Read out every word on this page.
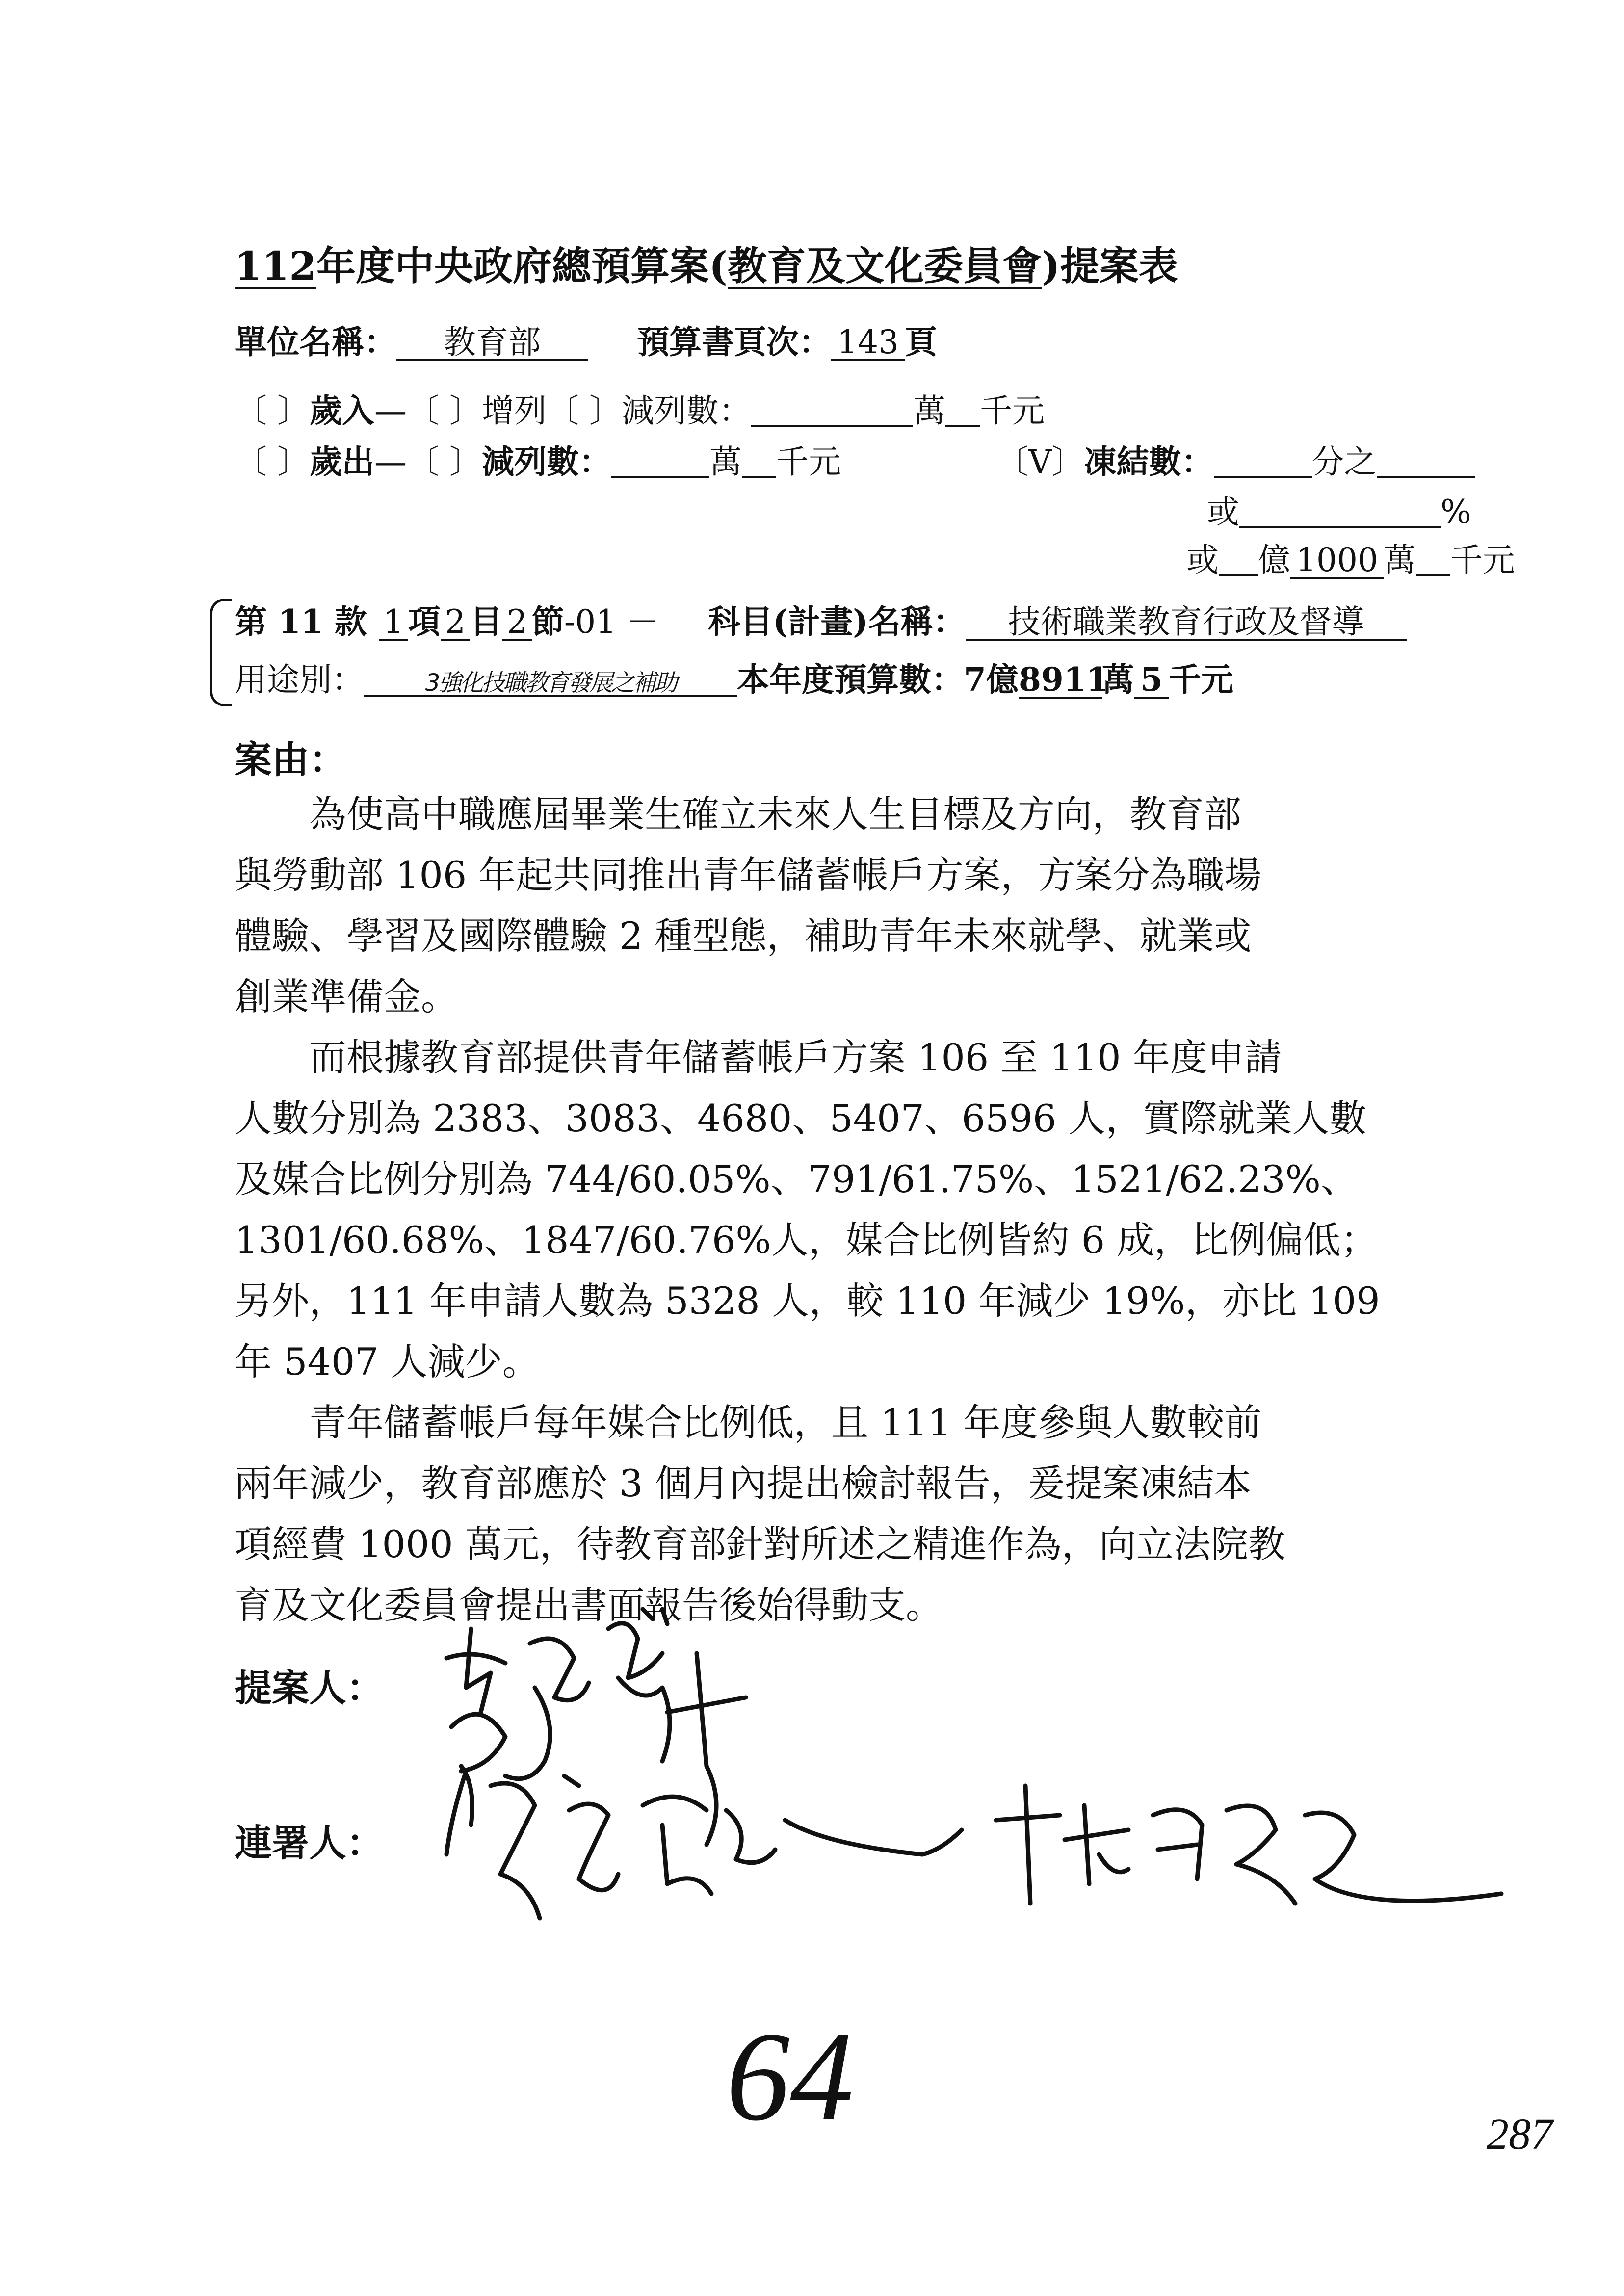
112年度中央政府總預算案(教育及文化委員會)提案表
單位名稱： 教育部	預算書頁次： 143 頁
〔 〕歲入—〔 〕增列〔 〕減列數：	萬 千元
〔 〕歲出—〔 〕減列數：	萬 千元	〔V〕凍結數：	分之
或	%
或 億 1000 萬 千元
第 11 款 1 項 2 目 2 節-01 － 科目(計畫)名稱： 技術職業教育行政及督導
用途別：	3強化技職教育發展之補助 本年度預算數：7億8911萬 5 千元
案由：
為使高中職應屆畢業生確立未來人生目標及方向，教育部
與勞動部 106 年起共同推出青年儲蓄帳戶方案，方案分為職場
體驗、學習及國際體驗 2 種型態，補助青年未來就學、就業或
創業準備金。
而根據教育部提供青年儲蓄帳戶方案 106 至 110 年度申請
人數分別為 2383、3083、4680、5407、6596 人，實際就業人數
及媒合比例分別為 744/60.05%、791/61.75%、1521/62.23%、
1301/60.68%、1847/60.76%人，媒合比例皆約 6 成，比例偏低；
另外，111 年申請人數為 5328 人，較 110 年減少 19%，亦比 109
年 5407 人減少。
青年儲蓄帳戶每年媒合比例低，且 111 年度參與人數較前
兩年減少，教育部應於 3 個月內提出檢討報告，爰提案凍結本
項經費 1000 萬元，待教育部針對所述之精進作為，向立法院教
育及文化委員會提出書面報告後始得動支。
提案人：
連署人：
64	287
